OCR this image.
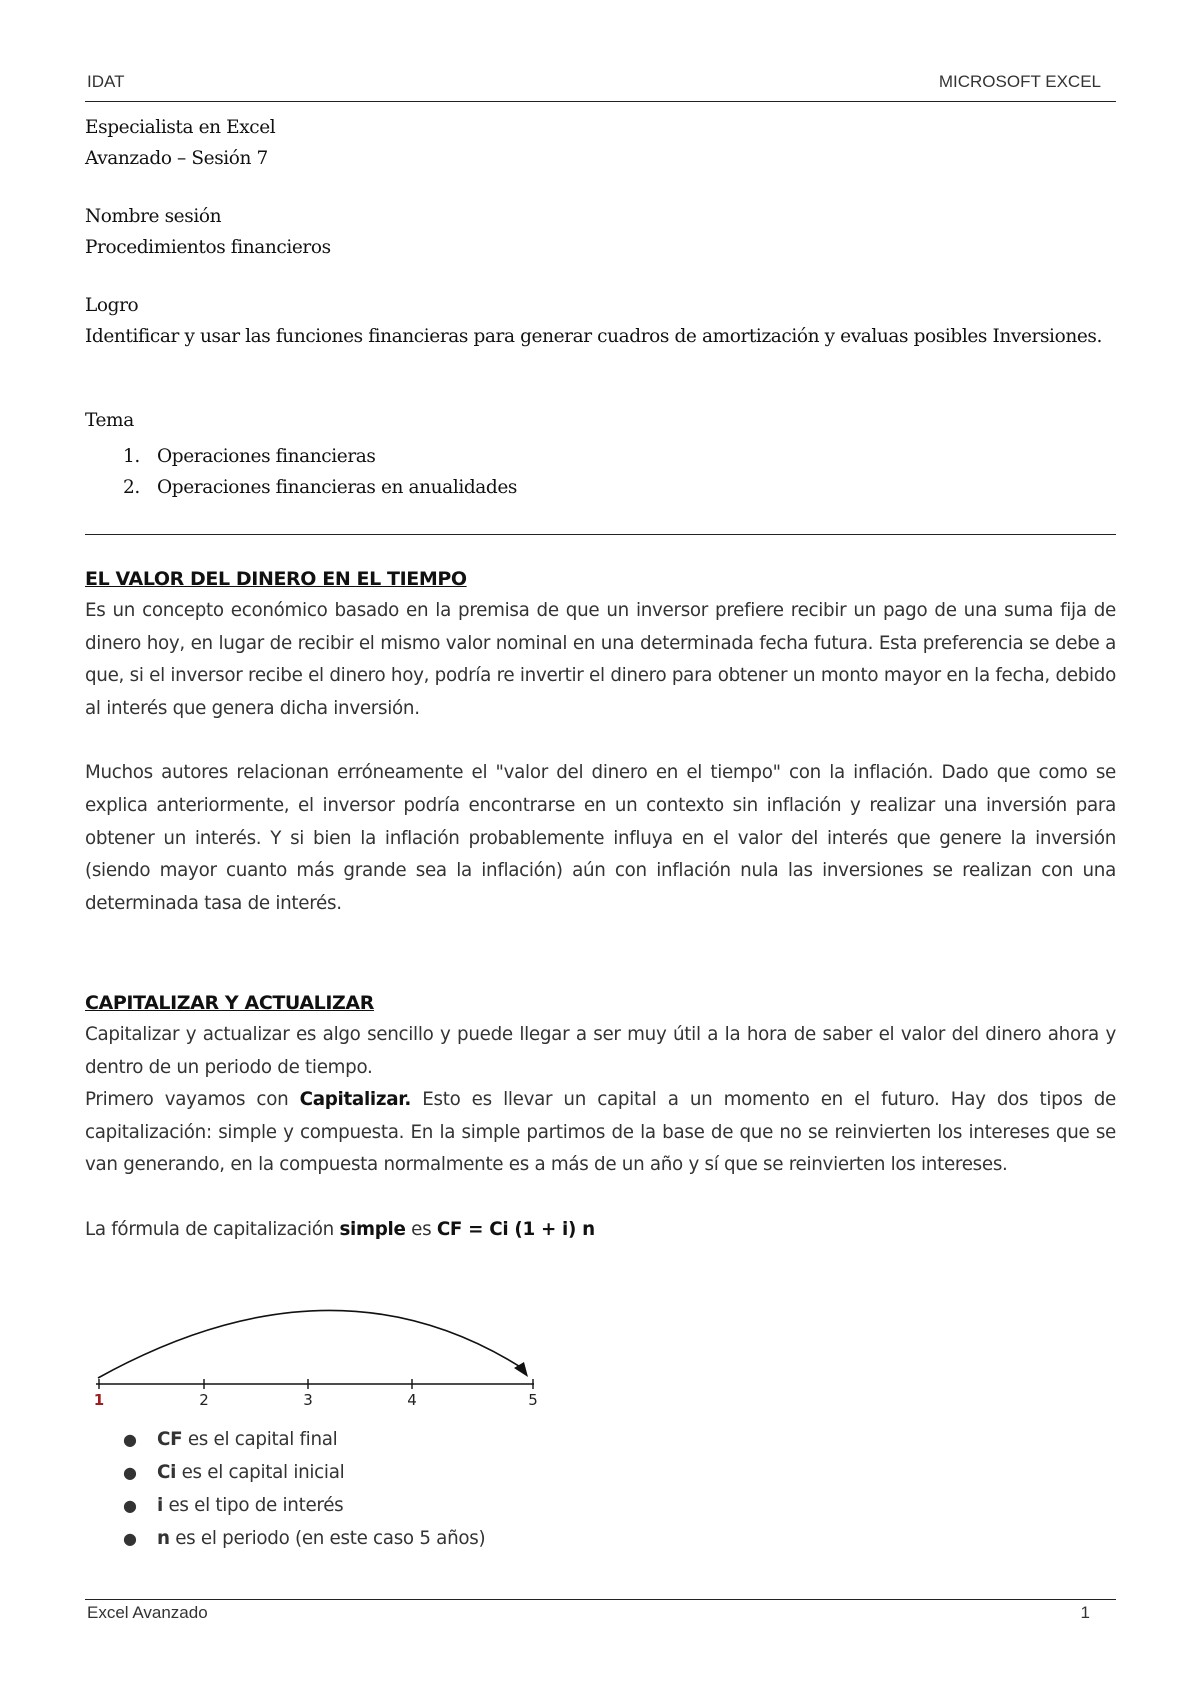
IDAT	MICROSOFT EXCEL
Especialista en Excel
Avanzado – Sesión 7
Nombre sesión
Procedimientos financieros
Logro
Identificar y usar las funciones financieras para generar cuadros de amortización y evaluas posibles Inversiones.
Tema
1. Operaciones financieras
2. Operaciones financieras en anualidades
EL VALOR DEL DINERO EN EL TIEMPO
Es un concepto económico basado en la premisa de que un inversor prefiere recibir un pago de una suma fija de dinero hoy, en lugar de recibir el mismo valor nominal en una determinada fecha futura. Esta preferencia se debe a que, si el inversor recibe el dinero hoy, podría re invertir el dinero para obtener un monto mayor en la fecha, debido al interés que genera dicha inversión.
Muchos autores relacionan erróneamente el "valor del dinero en el tiempo" con la inflación. Dado que como se explica anteriormente, el inversor podría encontrarse en un contexto sin inflación y realizar una inversión para obtener un interés. Y si bien la inflación probablemente influya en el valor del interés que genere la inversión (siendo mayor cuanto más grande sea la inflación) aún con inflación nula las inversiones se realizan con una determinada tasa de interés.
CAPITALIZAR Y ACTUALIZAR
Capitalizar y actualizar es algo sencillo y puede llegar a ser muy útil a la hora de saber el valor del dinero ahora y dentro de un periodo de tiempo.
Primero vayamos con Capitalizar. Esto es llevar un capital a un momento en el futuro. Hay dos tipos de capitalización: simple y compuesta. En la simple partimos de la base de que no se reinvierten los intereses que se van generando, en la compuesta normalmente es a más de un año y sí que se reinvierten los intereses.
La fórmula de capitalización simple es CF = Ci (1 + i) n
1	2	3	4	5
● CF es el capital final
● Ci es el capital inicial
● i es el tipo de interés
● n es el periodo (en este caso 5 años)
Excel Avanzado	1
